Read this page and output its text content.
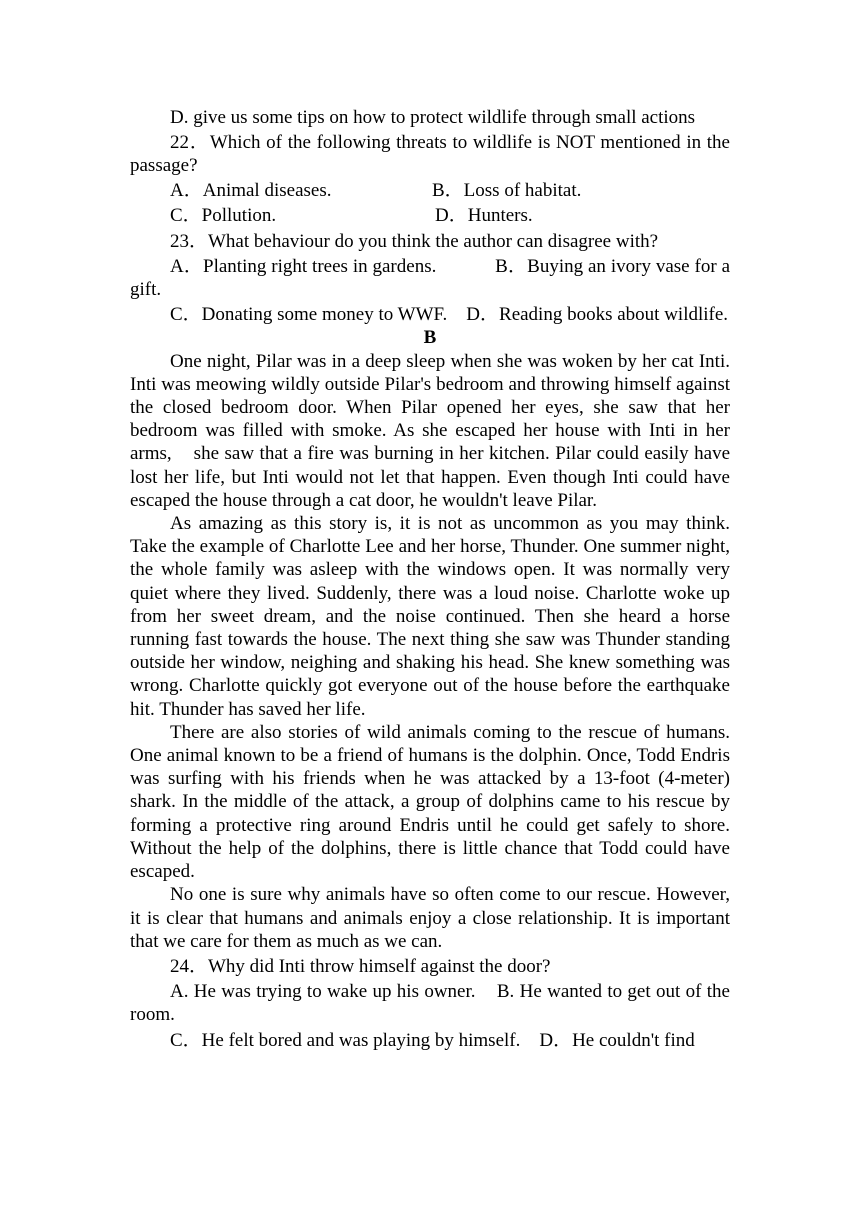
D. give us some tips on how to protect wildlife through small actions

22．Which of the following threats to wildlife is NOT mentioned in the passage?

A．Animal diseases.	B．Loss of habitat.
C．Pollution.	D．Hunters.

23．What behaviour do you think the author can disagree with?

A．Planting right trees in gardens.            B．Buying an ivory vase for a gift.

C．Donating some money to WWF.    D．Reading books about wildlife.

B

One night, Pilar was in a deep sleep when she was woken by her cat Inti. Inti was meowing wildly outside Pilar's bedroom and throwing himself against the closed bedroom door. When Pilar opened her eyes, she saw that her bedroom was filled with smoke. As she escaped her house with Inti in her arms,    she saw that a fire was burning in her kitchen. Pilar could easily have lost her life, but Inti would not let that happen. Even though Inti could have escaped the house through a cat door, he wouldn't leave Pilar.

As amazing as this story is, it is not as uncommon as you may think. Take the example of Charlotte Lee and her horse, Thunder. One summer night, the whole family was asleep with the windows open. It was normally very quiet where they lived. Suddenly, there was a loud noise. Charlotte woke up from her sweet dream, and the noise continued. Then she heard a horse running fast towards the house. The next thing she saw was Thunder standing outside her window, neighing and shaking his head. She knew something was wrong. Charlotte quickly got everyone out of the house before the earthquake hit. Thunder has saved her life.

There are also stories of wild animals coming to the rescue of humans. One animal known to be a friend of humans is the dolphin. Once, Todd Endris was surfing with his friends when he was attacked by a 13-foot (4-meter) shark. In the middle of the attack, a group of dolphins came to his rescue by forming a protective ring around Endris until he could get safely to shore. Without the help of the dolphins, there is little chance that Todd could have escaped.

No one is sure why animals have so often come to our rescue. However, it is clear that humans and animals enjoy a close relationship. It is important that we care for them as much as we can.

24．Why did Inti throw himself against the door?

A. He was trying to wake up his owner.    B. He wanted to get out of the room.

C．He felt bored and was playing by himself.    D．He couldn't find
